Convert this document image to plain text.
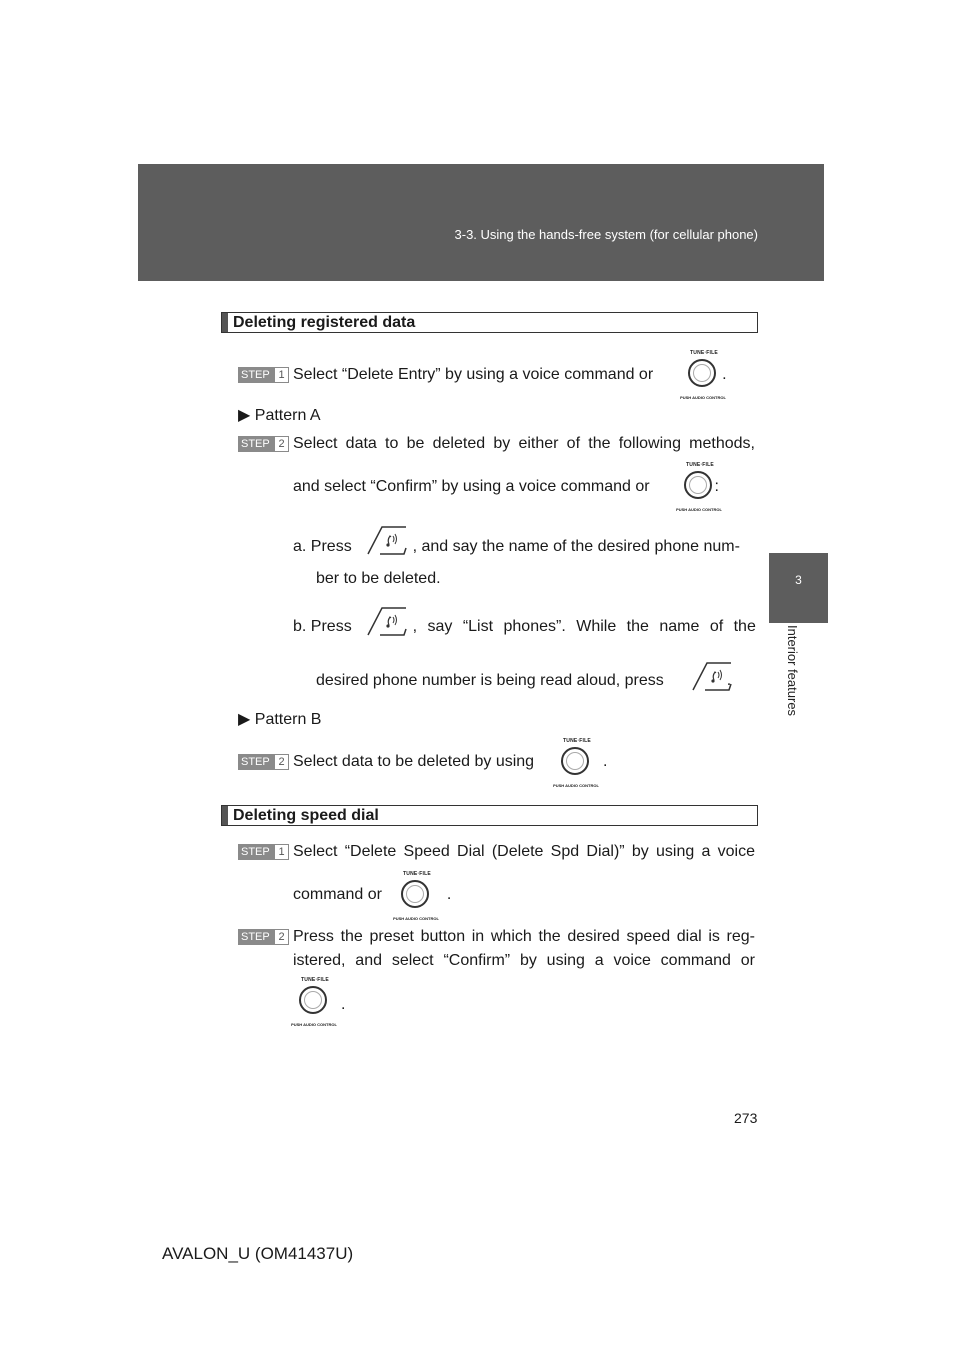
3-3. Using the hands-free system (for cellular phone)
3
Interior features
Deleting registered data
STEP 1 Select “Delete Entry” by using a voice command or	.
▶ Pattern A
STEP 2 Select data to be deleted by either of the following methods,
and select “Confirm” by using a voice command or	:
a. Press	, and say the name of the desired phone num-
ber to be deleted.
b. Press	, say “List phones”. While the name of the
desired phone number is being read aloud, press	.
▶ Pattern B
STEP 2 Select data to be deleted by using	.
Deleting speed dial
STEP 1 Select “Delete Speed Dial (Delete Spd Dial)” by using a voice
command or	.
STEP 2 Press the preset button in which the desired speed dial is reg-
istered, and select “Confirm” by using a voice command or
.
273
AVALON_U (OM41437U)
TUNE·FILE
PUSH AUDIO CONTROL
TUNE·FILE
PUSH AUDIO CONTROL
TUNE·FILE
PUSH AUDIO CONTROL
TUNE·FILE
PUSH AUDIO CONTROL
TUNE·FILE
PUSH AUDIO CONTROL
